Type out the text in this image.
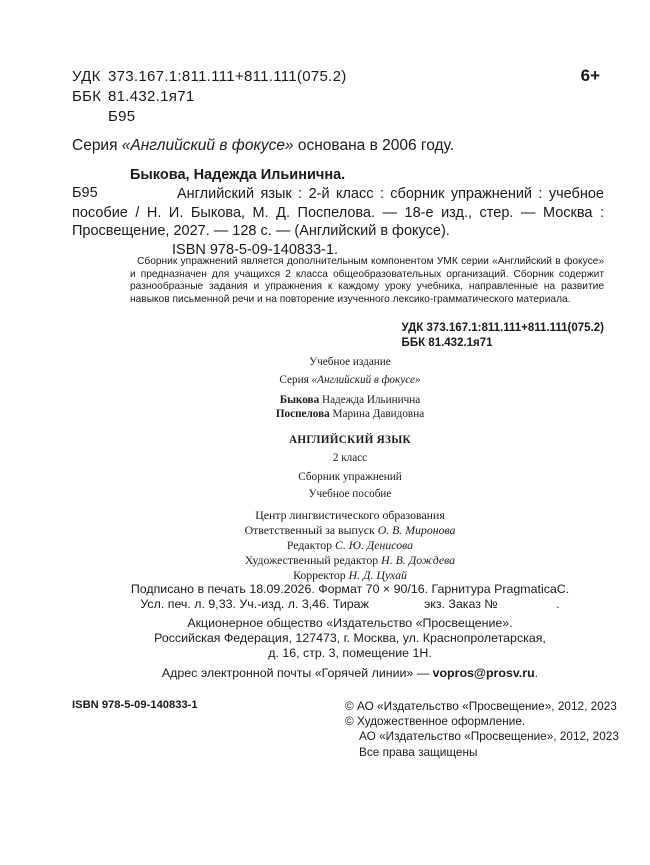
УДК 373.167.1:811.111+811.111(075.2)
ББК 81.432.1я71
Б95
6+
Серия «Английский в фокусе» основана в 2006 году.
Быкова, Надежда Ильинична.
Б95	Английский язык : 2-й класс : сборник упражнений : учебное пособие / Н. И. Быкова, М. Д. Поспелова. — 18-е изд., стер. — Москва : Просвещение, 2027. — 128 с. — (Английский в фокусе).

ISBN 978-5-09-140833-1.

Сборник упражнений является дополнительным компонентом УМК серии «Английский в фокусе» и предназначен для учащихся 2 класса общеобразовательных организаций. Сборник содержит разнообразные задания и упражнения к каждому уроку учебника, направленные на развитие навыков письменной речи и на повторение изученного лексико-грамматического материала.

УДК 373.167.1:811.111+811.111(075.2)
ББК 81.432.1я71
Учебное издание
Серия «Английский в фокусе»
Быкова Надежда Ильинична
Поспелова Марина Давидовна
АНГЛИЙСКИЙ ЯЗЫК
2 класс
Сборник упражнений
Учебное пособие
Центр лингвистического образования
Ответственный за выпуск О. В. Миронова
Редактор С. Ю. Денисова
Художественный редактор Н. В. Дождева
Корректор Н. Д. Цухай
Подписано в печать 18.09.2026. Формат 70 × 90/16. Гарнитура PragmaticaC.
Усл. печ. л. 9,33. Уч.-изд. л. 3,46. Тираж                экз. Заказ №                 .
Акционерное общество «Издательство «Просвещение».
Российская Федерация, 127473, г. Москва, ул. Краснопролетарская,
д. 16, стр. 3, помещение 1Н.
Адрес электронной почты «Горячей линии» — vopros@prosv.ru.
ISBN 978-5-09-140833-1	© АО «Издательство «Просвещение», 2012, 2023
© Художественное оформление.
АО «Издательство «Просвещение», 2012, 2023
Все права защищены
